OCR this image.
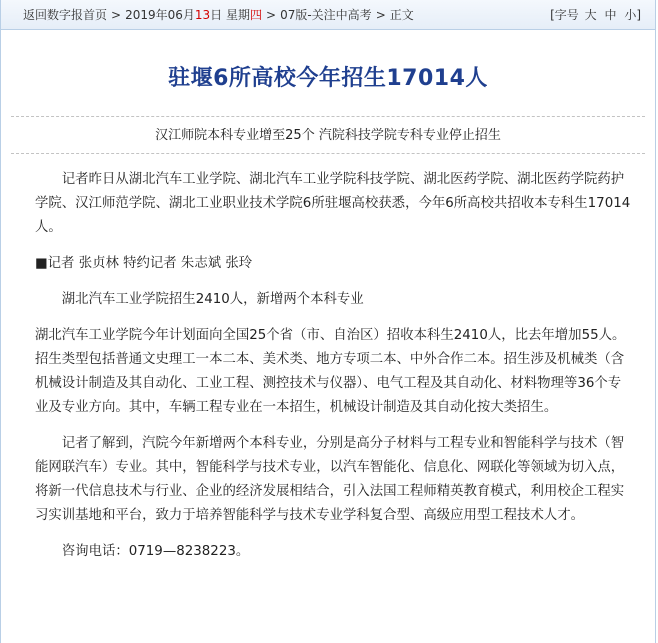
返回数字报首页 > 2019年06月13日 星期四 > 07版-关注中高考 > 正文	[字号 大 中 小]
驻堰6所高校今年招生17014人
汉江师院本科专业增至25个 汽院科技学院专科专业停止招生

记者昨日从湖北汽车工业学院、湖北汽车工业学院科技学院、湖北医药学院、湖北医药学院药护学院、汉江师范学院、湖北工业职业技术学院6所驻堰高校获悉，今年6所高校共招收本专科生17014人。

■记者 张贞林 特约记者 朱志斌 张玲

湖北汽车工业学院招生2410人，新增两个本科专业

湖北汽车工业学院今年计划面向全国25个省（市、自治区）招收本科生2410人，比去年增加55人。招生类型包括普通文史理工一本二本、美术类、地方专项二本、中外合作二本。招生涉及机械类（含机械设计制造及其自动化、工业工程、测控技术与仪器）、电气工程及其自动化、材料物理等36个专业及专业方向。其中，车辆工程专业在一本招生，机械设计制造及其自动化按大类招生。

记者了解到，汽院今年新增两个本科专业，分别是高分子材料与工程专业和智能科学与技术（智能网联汽车）专业。其中，智能科学与技术专业，以汽车智能化、信息化、网联化等领域为切入点，将新一代信息技术与行业、企业的经济发展相结合，引入法国工程师精英教育模式，利用校企工程实习实训基地和平台，致力于培养智能科学与技术专业学科复合型、高级应用型工程技术人才。

咨询电话：0719—8238223。
